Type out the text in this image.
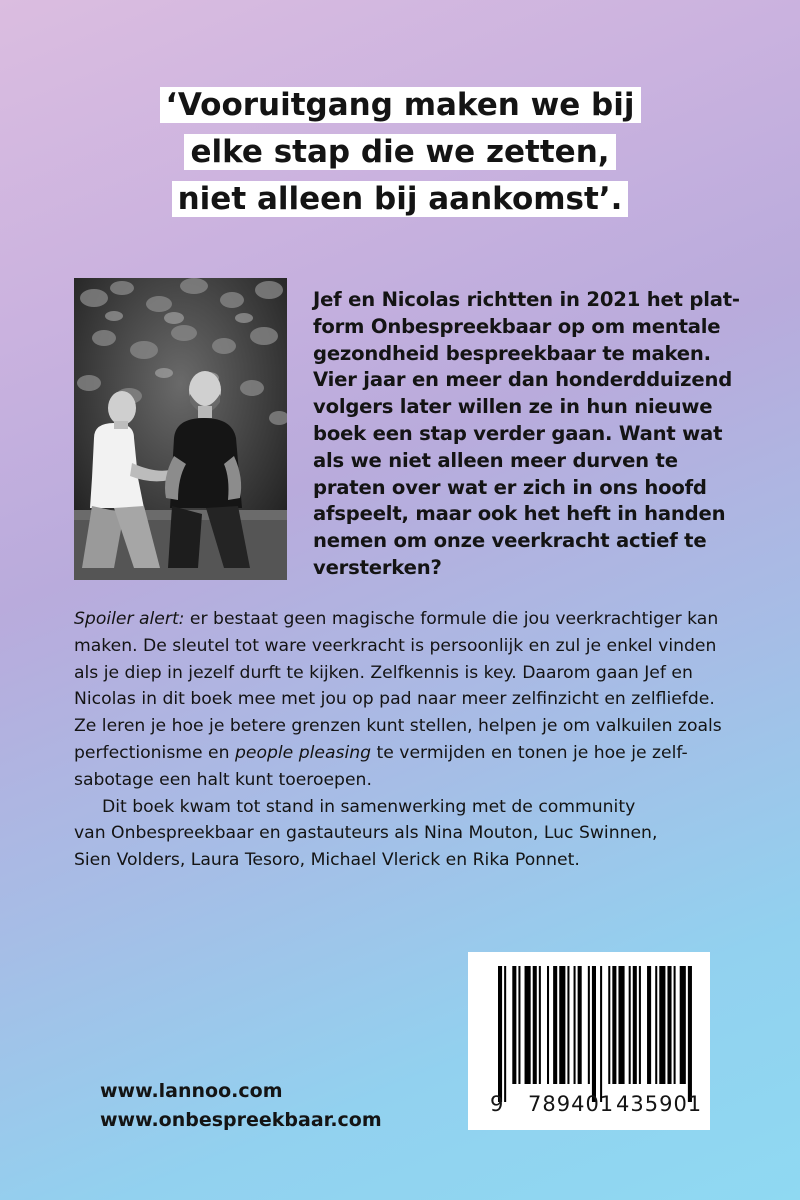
‘Vooruitgang maken we bij
elke stap die we zetten,
niet alleen bij aankomst’.
Jef en Nicolas richtten in 2021 het plat-
form Onbespreekbaar op om mentale
gezondheid bespreekbaar te maken.
Vier jaar en meer dan honderdduizend
volgers later willen ze in hun nieuwe
boek een stap verder gaan. Want wat
als we niet alleen meer durven te
praten over wat er zich in ons hoofd
afspeelt, maar ook het heft in handen
nemen om onze veerkracht actief te
versterken?
Spoiler alert: er bestaat geen magische formule die jou veerkrachtiger kan
maken. De sleutel tot ware veerkracht is persoonlijk en zul je enkel vinden
als je diep in jezelf durft te kijken. Zelfkennis is key. Daarom gaan Jef en
Nicolas in dit boek mee met jou op pad naar meer zelfinzicht en zelfliefde.
Ze leren je hoe je betere grenzen kunt stellen, helpen je om valkuilen zoals
perfectionisme en people pleasing te vermijden en tonen je hoe je zelf-
sabotage een halt kunt toeroepen.
Dit boek kwam tot stand in samenwerking met de community
van Onbespreekbaar en gastauteurs als Nina Mouton, Luc Swinnen,
Sien Volders, Laura Tesoro, Michael Vlerick en Rika Ponnet.
9 789401 435901
www.lannoo.com
www.onbespreekbaar.com
